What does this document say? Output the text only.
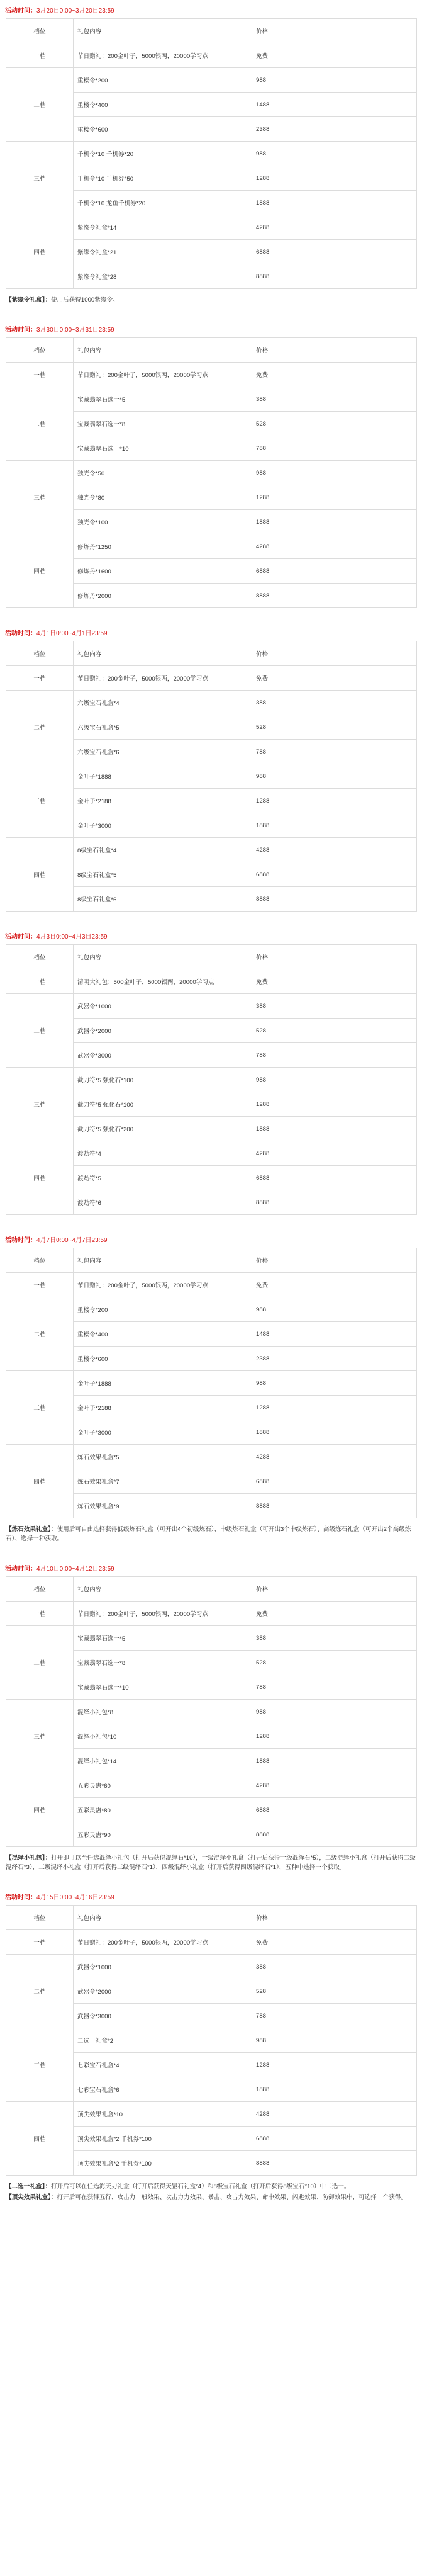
活动时间：3月20日0:00~3月20日23:59
档位	礼包内容	价格
一档	节日赠礼：200金叶子，5000银两，20000学习点	免费
二档	重楼令*200	988
	重楼令*400	1488
	重楼令*600	2388
三档	千机令*10 千机券*20	988
	千机令*10 千机券*50	1288
	千机令*10 龙鱼千机券*20	1888
四档	紫缘令礼盒*14	4288
	紫缘令礼盒*21	6888
	紫缘令礼盒*28	8888
【紫缘令礼盒】：使用后获得1000紫缘令。
活动时间：3月30日0:00~3月31日23:59
档位	礼包内容	价格
一档	节日赠礼：200金叶子，5000银两，20000学习点	免费
二档	宝藏翡翠石选一*5	388
	宝藏翡翠石选一*8	528
	宝藏翡翠石选一*10	788
三档	独光令*50	988
	独光令*80	1288
	独光令*100	1888
四档	修炼丹*1250	4288
	修炼丹*1600	6888
	修炼丹*2000	8888
活动时间：4月1日0:00~4月1日23:59
档位	礼包内容	价格
一档	节日赠礼：200金叶子，5000银两，20000学习点	免费
二档	六级宝石礼盒*4	388
	六级宝石礼盒*5	528
	六级宝石礼盒*6	788
三档	金叶子*1888	988
	金叶子*2188	1288
	金叶子*3000	1888
四档	8级宝石礼盒*4	4288
	8级宝石礼盒*5	6888
	8级宝石礼盒*6	8888
活动时间：4月3日0:00~4月3日23:59
档位	礼包内容	价格
一档	清明大礼包：500金叶子，5000银两，20000学习点	免费
二档	武器令*1000	388
	武器令*2000	528
	武器令*3000	788
三档	截刀符*5 强化石*100	988
	截刀符*5 强化石*100	1288
	截刀符*5 强化石*200	1888
四档	渡劫符*4	4288
	渡劫符*5	6888
	渡劫符*6	8888
活动时间：4月7日0:00~4月7日23:59
档位	礼包内容	价格
一档	节日赠礼：200金叶子，5000银两，20000学习点	免费
二档	重楼令*200	988
	重楼令*400	1488
	重楼令*600	2388
三档	金叶子*1888	988
	金叶子*2188	1288
	金叶子*3000	1888
四档	炼石效果礼盒*5	4288
	炼石效果礼盒*7	6888
	炼石效果礼盒*9	8888
【炼石效果礼盒】：使用后可自由选择获得低级炼石礼盒（可开出4个初级炼石）、中级炼石礼盒（可开出3个中级炼石）、高级炼石礼盒（可开出2个高级炼石）、选择一种获取。
活动时间：4月10日0:00~4月12日23:59
档位	礼包内容	价格
一档	节日赠礼：200金叶子，5000银两，20000学习点	免费
二档	宝藏翡翠石选一*5	388
	宝藏翡翠石选一*8	528
	宝藏翡翠石选一*10	788
三档	混绎小礼包*8	988
	混绎小礼包*10	1288
	混绎小礼包*14	1888
四档	五彩灵蛊*60	4288
	五彩灵蛊*80	6888
	五彩灵蛊*90	8888
【混绎小礼包】：打开即可以至任选混绎小礼包（打开后获得混绎石*10），一级混绎小礼盒（打开后获得一级混绎石*5），二级混绎小礼盒（打开后获得二级混绎石*3），三级混绎小礼盒（打开后获得三级混绎石*1），四级混绎小礼盒（打开后获得四级混绎石*1），五种中选择一个获取。
活动时间：4月15日0:00~4月16日23:59
档位	礼包内容	价格
一档	节日赠礼：200金叶子，5000银两，20000学习点	免费
二档	武器令*1000	388
	武器令*2000	528
	武器令*3000	788
三档	二选一礼盒*2	988
	七彩宝石礼盒*4	1288
	七彩宝石礼盒*6	1888
四档	顶尖效果礼盒*10	4288
	顶尖效果礼盒*2 千机券*100	6888
	顶尖效果礼盒*2 千机券*100	8888
【二选一礼盒】：打开后可以在任选海天刃礼盒（打开后获得天罡石礼盒*4）和8级宝石礼盒（打开后获得8级宝石*10）中二选一。
【顶尖效果礼盒】：打开后可在获得五行、攻击力一般效果、攻击力力效果、暴击、攻击力效果、命中效果、闪避效果、防御效果中，可选择一个获得。
